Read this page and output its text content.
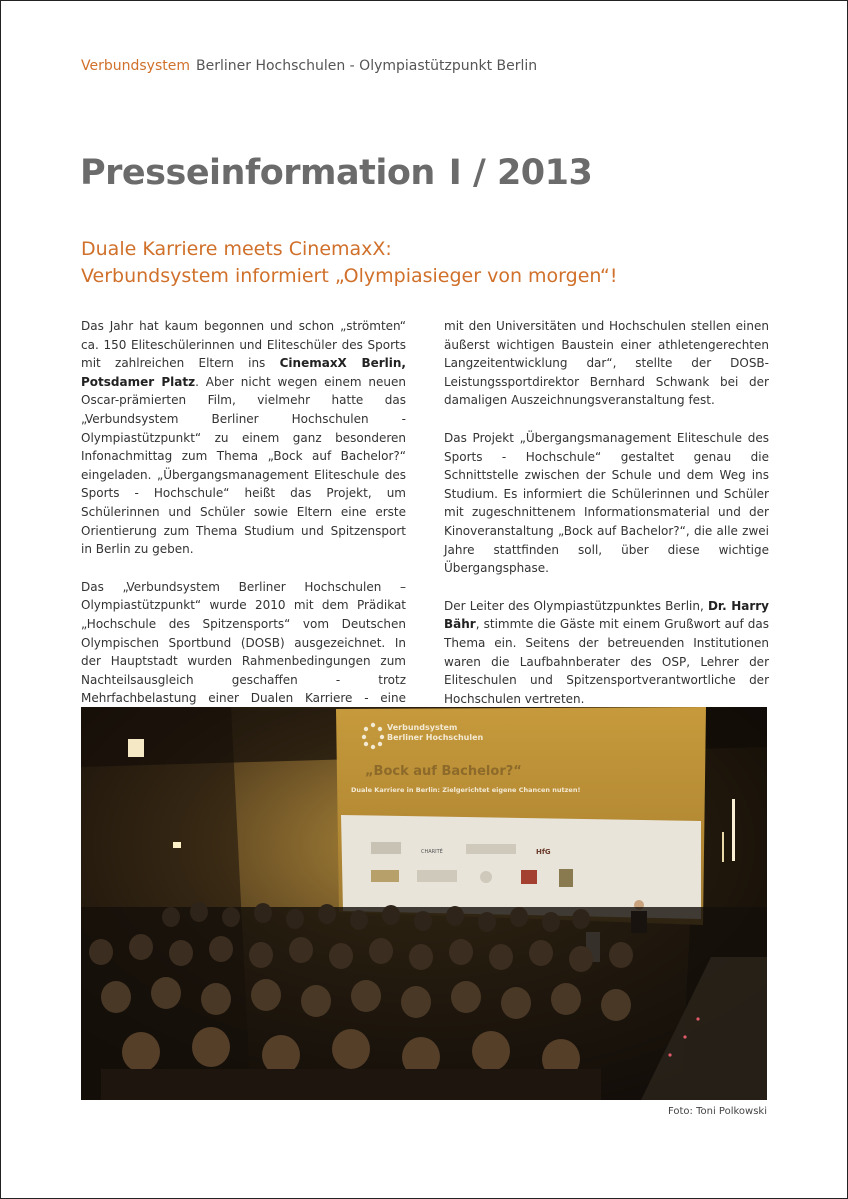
Verbundsystem Berliner Hochschulen - Olympiastützpunkt Berlin
Presseinformation I / 2013
Duale Karriere meets CinemaxX:
Verbundsystem informiert „Olympiasieger von morgen“!

Das Jahr hat kaum begonnen und schon „strömten“ ca. 150 Eliteschülerinnen und Eliteschüler des Sports mit zahlreichen Eltern ins CinemaxX Berlin, Potsdamer Platz. Aber nicht wegen einem neuen Oscar-prämierten Film, vielmehr hatte das „Verbundsystem Berliner Hochschulen - Olympiastützpunkt“ zu einem ganz besonderen Infonachmittag zum Thema „Bock auf Bachelor?“ eingeladen. „Übergangsmanagement Eliteschule des Sports - Hochschule“ heißt das Projekt, um Schülerinnen und Schüler sowie Eltern eine erste Orientierung zum Thema Studium und Spitzensport in Berlin zu geben.

Das „Verbundsystem Berliner Hochschulen – Olympiastützpunkt“ wurde 2010 mit dem Prädikat „Hochschule des Spitzensports“ vom Deutschen Olympischen Sportbund (DOSB) ausgezeichnet. In der Hauptstadt wurden Rahmenbedingungen zum Nachteilsausgleich geschaffen - trotz Mehrfachbelastung einer Dualen Karriere - eine

mit den Universitäten und Hochschulen stellen einen äußerst wichtigen Baustein einer athletengerechten Langzeitentwicklung dar“, stellte der DOSB-Leistungssportdirektor Bernhard Schwank bei der damaligen Auszeichnungsveranstaltung fest.

Das Projekt „Übergangsmanagement Eliteschule des Sports - Hochschule“ gestaltet genau die Schnittstelle zwischen der Schule und dem Weg ins Studium. Es informiert die Schülerinnen und Schüler mit zugeschnittenem Informationsmaterial und der Kinoveranstaltung „Bock auf Bachelor?“, die alle zwei Jahre stattfinden soll, über diese wichtige Übergangsphase.

Der Leiter des Olympiastützpunktes Berlin, Dr. Harry Bähr, stimmte die Gäste mit einem Grußwort auf das Thema ein. Seitens der betreuenden Institutionen waren die Laufbahnberater des OSP, Lehrer der Eliteschulen und Spitzensportverantwortliche der Hochschulen vertreten.

Verbundsystem
Berliner Hochschulen
„Bock auf Bachelor?“
Duale Karriere in Berlin: Zielgerichtet eigene Chancen nutzen!
CHARITÉ	HfG
Foto: Toni Polkowski
